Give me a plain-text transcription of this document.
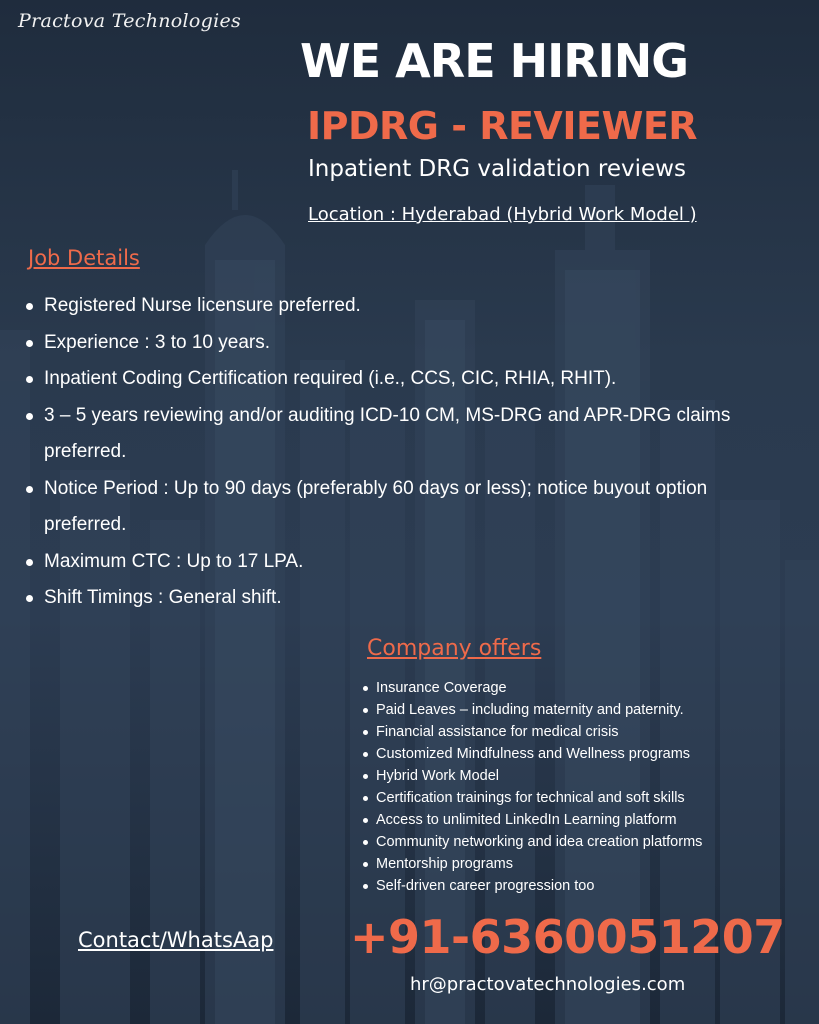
Practova Technologies
WE ARE HIRING
IPDRG - REVIEWER
Inpatient DRG validation reviews
Location : Hyderabad (Hybrid Work Model )
Job Details
Registered Nurse licensure preferred.
Experience : 3 to 10 years.
Inpatient Coding Certification required (i.e., CCS, CIC, RHIA, RHIT).
3 – 5 years reviewing and/or auditing ICD-10 CM, MS-DRG and APR-DRG claims preferred.
Notice Period : Up to 90 days (preferably 60 days or less); notice buyout option preferred.
Maximum CTC : Up to 17 LPA.
Shift Timings : General shift.
Company offers
Insurance Coverage
Paid Leaves – including maternity and paternity.
Financial assistance for medical crisis
Customized Mindfulness and Wellness programs
Hybrid Work Model
Certification trainings for technical and soft skills
Access to unlimited LinkedIn Learning platform
Community networking and idea creation platforms
Mentorship programs
Self-driven career progression too
Contact/WhatsAap +91-6360051207
hr@practovatechnologies.com
